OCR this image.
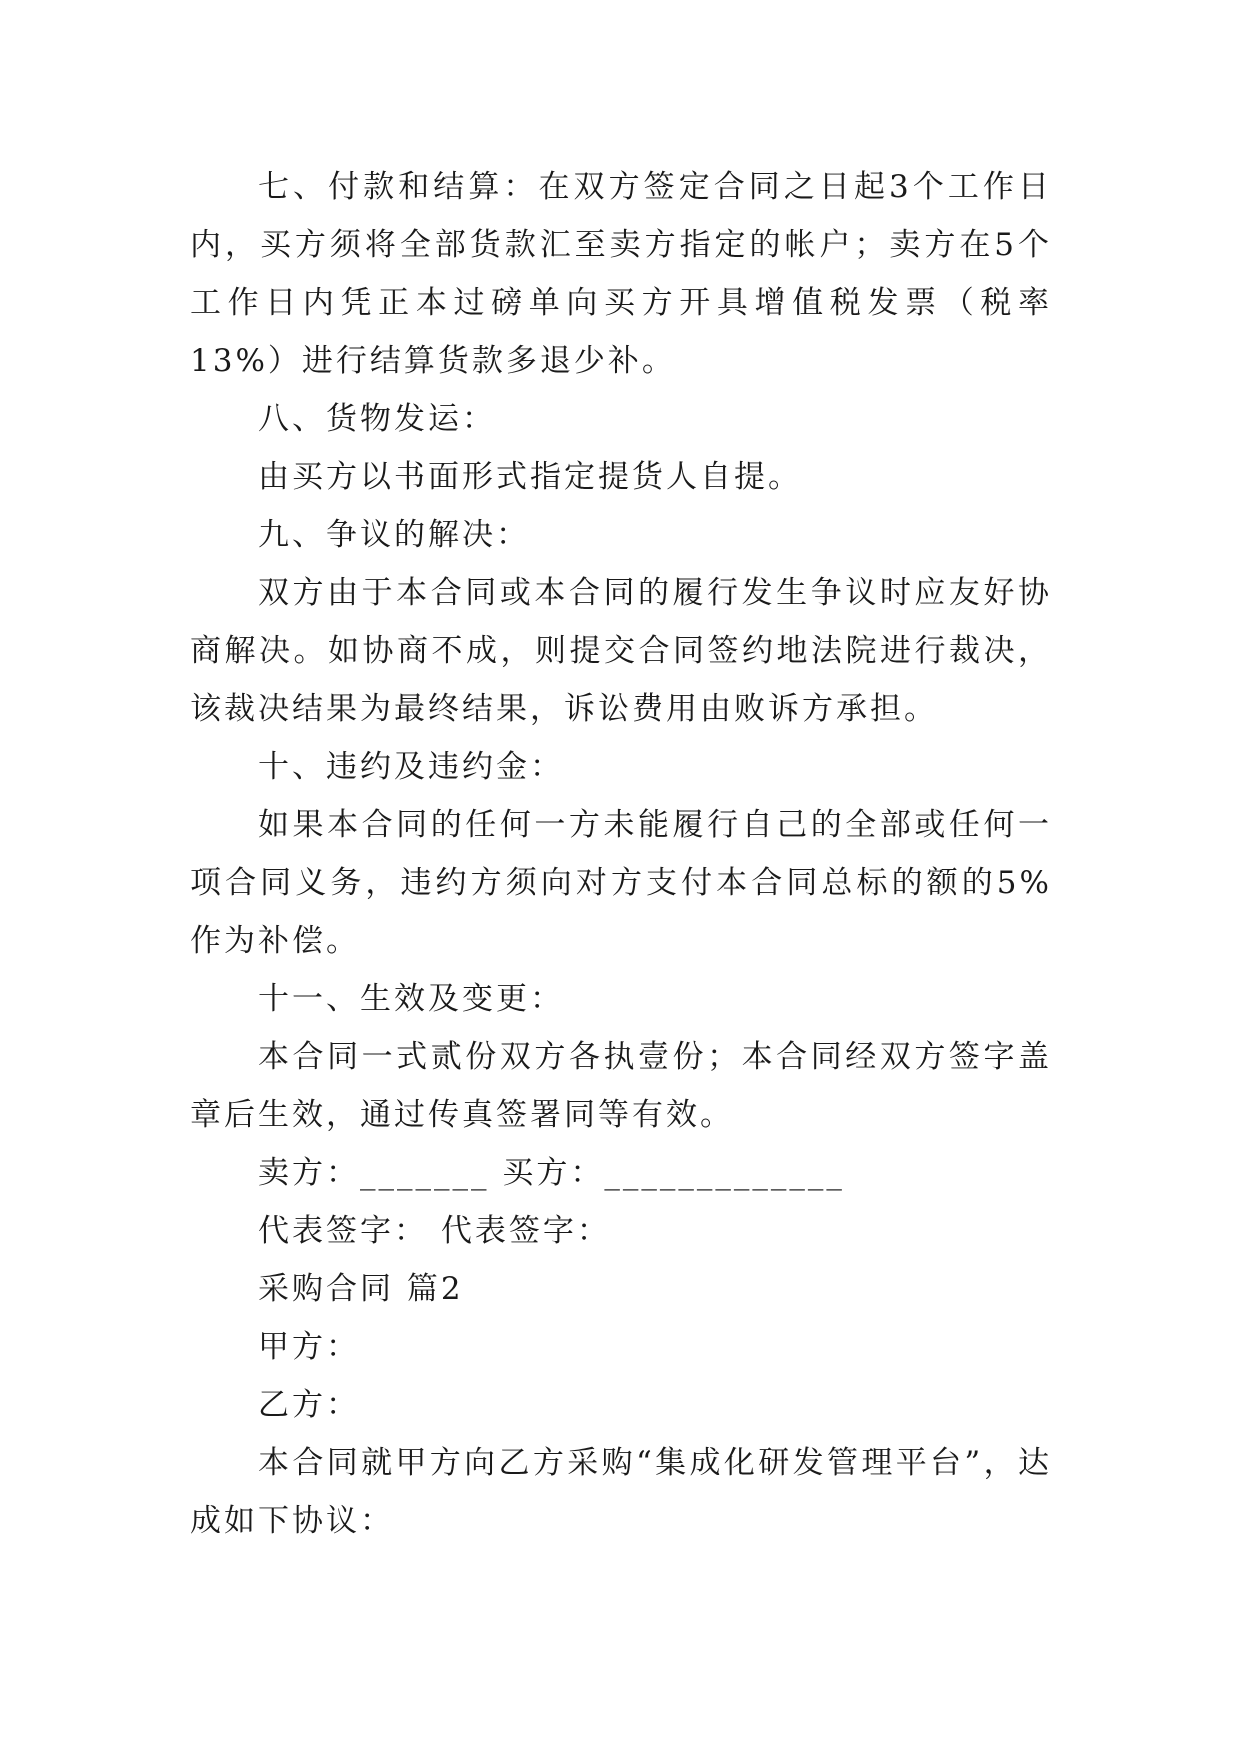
七、付款和结算：在双方签定合同之日起3个工作日内，买方须将全部货款汇至卖方指定的帐户；卖方在5个工作日内凭正本过磅单向买方开具增值税发票（税率13%）进行结算货款多退少补。

八、货物发运：

由买方以书面形式指定提货人自提。

九、争议的解决：

双方由于本合同或本合同的履行发生争议时应友好协商解决。如协商不成，则提交合同签约地法院进行裁决，该裁决结果为最终结果，诉讼费用由败诉方承担。

十、违约及违约金：

如果本合同的任何一方未能履行自己的全部或任何一项合同义务，违约方须向对方支付本合同总标的额的5%作为补偿。

十一、生效及变更：

本合同一式贰份双方各执壹份；本合同经双方签字盖章后生效，通过传真签署同等有效。

卖方：_______ 买方：_____________

代表签字： 代表签字：

采购合同 篇2

甲方：

乙方：

本合同就甲方向乙方采购“集成化研发管理平台”，达成如下协议：
